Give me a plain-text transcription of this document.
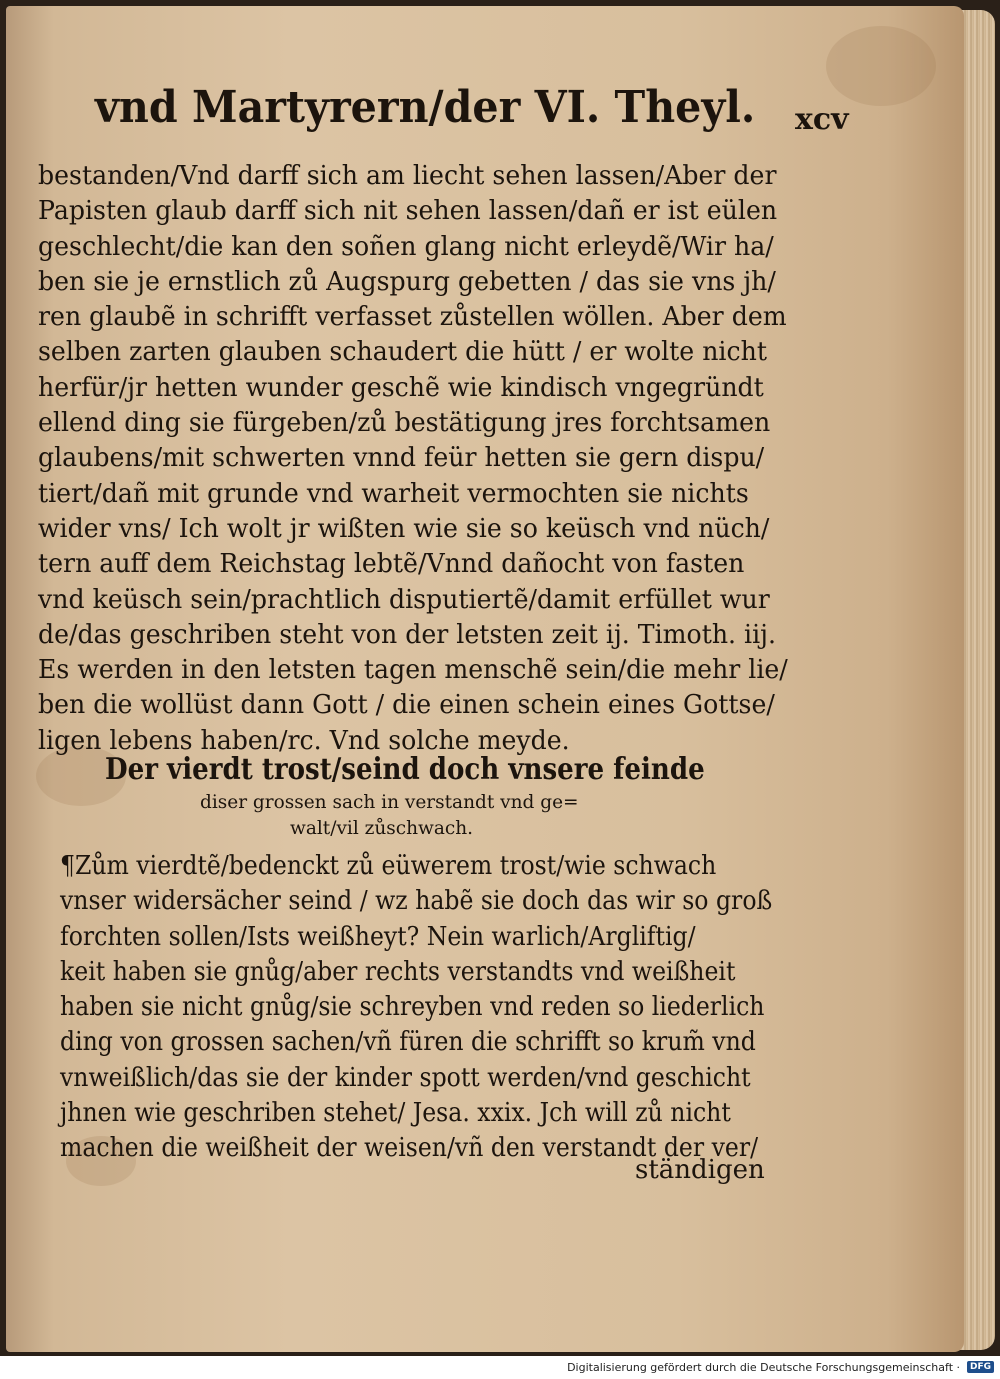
vnd Martyrern/der VI. Theyl. xcv
bestanden/Vnd darff sich am liecht sehen lassen/Aber der
Papisten glaub darff sich nit sehen lassen/dañ er ist eülen
geschlecht/die kan den soñen glang nicht erleydẽ/Wir ha/
ben sie je ernstlich zů Augspurg gebetten / das sie vns jh/
ren glaubẽ in schrifft verfasset zůstellen wöllen. Aber dem
selben zarten glauben schaudert die hütt / er wolte nicht
herfür/jr hetten wunder geschẽ wie kindisch vngegründt
ellend ding sie fürgeben/zů bestätigung jres forchtsamen
glaubens/mit schwerten vnnd feür hetten sie gern dispu/
tiert/dañ mit grunde vnd warheit vermochten sie nichts
wider vns/ Ich wolt jr wißten wie sie so keüsch vnd nüch/
tern auff dem Reichstag lebtẽ/Vnnd dañocht von fasten
vnd keüsch sein/prachtlich disputiertẽ/damit erfüllet wur
de/das geschriben steht von der letsten zeit ij. Timoth. iij.
Es werden in den letsten tagen menschẽ sein/die mehr lie/
ben die wollüst dann Gott / die einen schein eines Gottse/
ligen lebens haben/rc. Vnd solche meyde.
Der vierdt trost/seind doch vnsere feinde
diser grossen sach in verstandt vnd ge=
walt/vil zůschwach.
¶Zům vierdtẽ/bedenckt zů eüwerem trost/wie schwach
vnser widersächer seind / wz habẽ sie doch das wir so groß
forchten sollen/Ists weißheyt? Nein warlich/Argliftig/
keit haben sie gnůg/aber rechts verstandts vnd weißheit
haben sie nicht gnůg/sie schreyben vnd reden so liederlich
ding von grossen sachen/vñ füren die schrifft so krum̃ vnd
vnweißlich/das sie der kinder spott werden/vnd geschicht
jhnen wie geschriben stehet/ Jesa. xxix. Jch will zů nicht
machen die weißheit der weisen/vñ den verstandt der ver/
ständigen
Digitalisierung gefördert durch die Deutsche Forschungsgemeinschaft ·	DFG
